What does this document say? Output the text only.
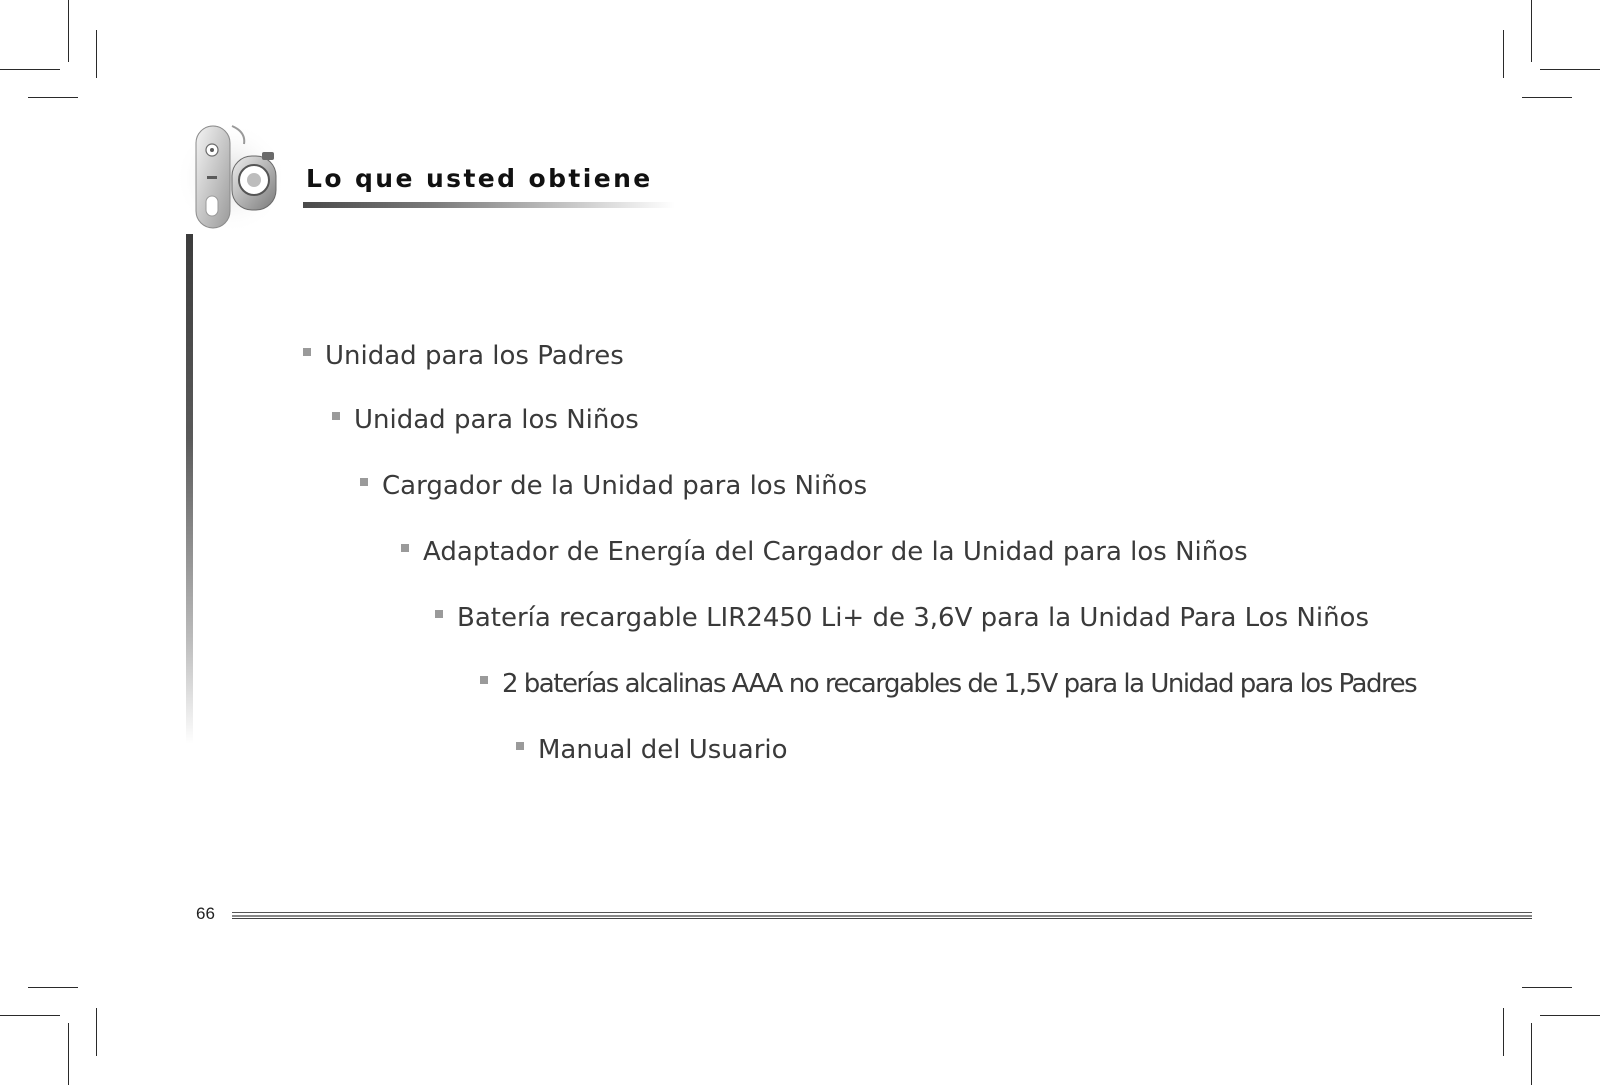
Lo que usted obtiene
Unidad para los Padres
Unidad para los Niños
Cargador de la Unidad para los Niños
Adaptador de Energía del Cargador de la Unidad para los Niños
Batería recargable LIR2450 Li+ de 3,6V para la Unidad Para Los Niños
2 baterías alcalinas AAA no recargables de 1,5V para la Unidad para los Padres
Manual del Usuario
66
